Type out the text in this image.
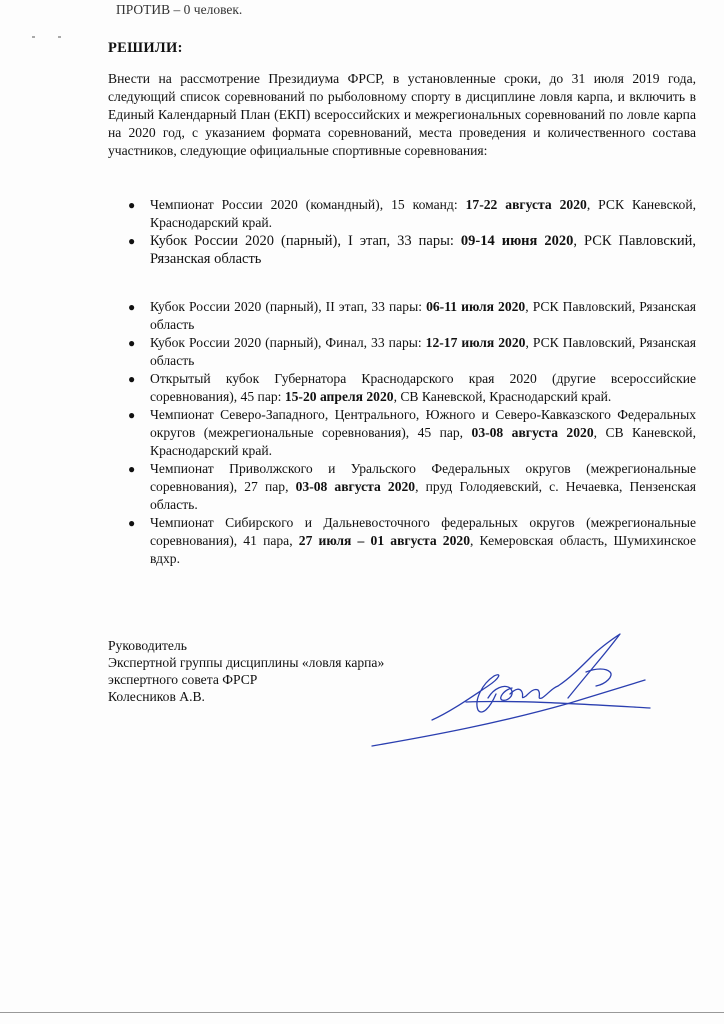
ПРОТИВ – 0 человек.
РЕШИЛИ:
Внести на рассмотрение Президиума ФРСР, в установленные сроки, до 31 июля 2019 года, следующий список соревнований по рыболовному спорту в дисциплине ловля карпа, и включить в Единый Календарный План (ЕКП) всероссийских и межрегиональных соревнований по ловле карпа на 2020 год, с указанием формата соревнований, места проведения и количественного состава участников, следующие официальные спортивные соревнования:
● Чемпионат России 2020 (командный), 15 команд: 17-22 августа 2020, РСК Каневской, Краснодарский край.
● Кубок России 2020 (парный), I этап, 33 пары: 09-14 июня 2020, РСК Павловский, Рязанская область
● Кубок России 2020 (парный), II этап, 33 пары: 06-11 июля 2020, РСК Павловский, Рязанская область
● Кубок России 2020 (парный), Финал, 33 пары: 12-17 июля 2020, РСК Павловский, Рязанская область
● Открытый кубок Губернатора Краснодарского края 2020 (другие всероссийские соревнования), 45 пар: 15-20 апреля 2020, СВ Каневской, Краснодарский край.
● Чемпионат Северо-Западного, Центрального, Южного и Северо-Кавказского Федеральных округов (межрегиональные соревнования), 45 пар, 03-08 августа 2020, СВ Каневской, Краснодарский край.
● Чемпионат Приволжского и Уральского Федеральных округов (межрегиональные соревнования), 27 пар, 03-08 августа 2020, пруд Голодяевский, с. Нечаевка, Пензенская область.
● Чемпионат Сибирского и Дальневосточного федеральных округов (межрегиональные соревнования), 41 пара, 27 июля – 01 августа 2020, Кемеровская область, Шумихинское вдхр.
Руководитель
Экспертной группы дисциплины «ловля карпа»
экспертного совета ФРСР
Колесников А.В.
